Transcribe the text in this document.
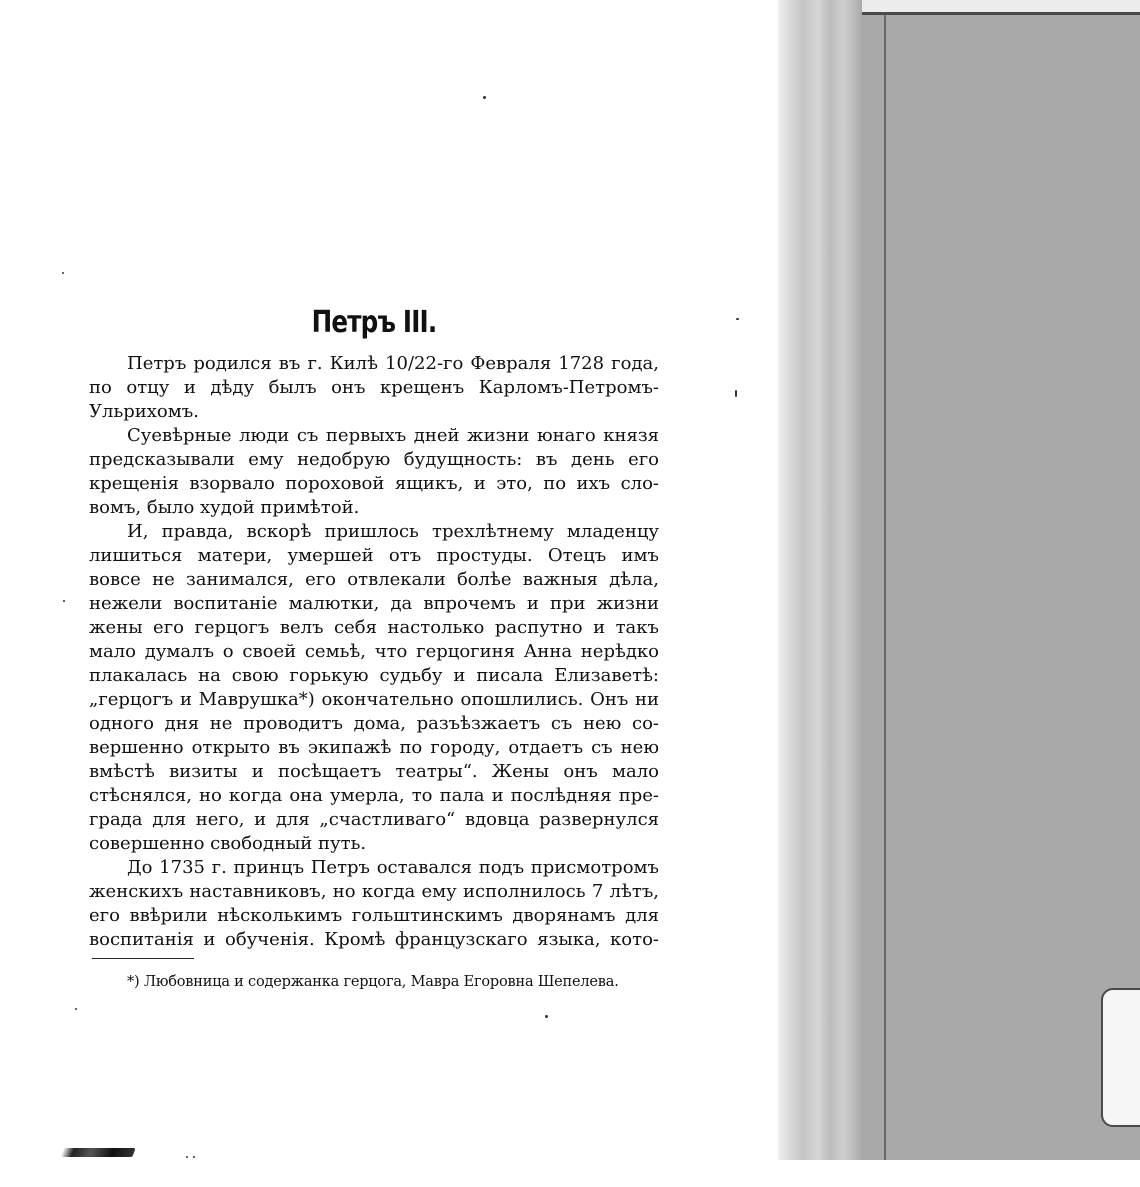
Петръ III.
Петръ родился въ г. Килѣ 10/22-го Февраля 1728 года,
по отцу и дѣду былъ онъ крещенъ Карломъ-Петромъ-
Ульрихомъ.
Суевѣрные люди съ первыхъ дней жизни юнаго князя
предсказывали ему недобрую будущность: въ день его
крещенія взорвало пороховой ящикъ, и это, по ихъ сло-
вомъ, было худой примѣтой.
И, правда, вскорѣ пришлось трехлѣтнему младенцу
лишиться матери, умершей отъ простуды. Отецъ имъ
вовсе не занимался, его отвлекали болѣе важныя дѣла,
нежели воспитаніе малютки, да впрочемъ и при жизни
жены его герцогъ велъ себя настолько распутно и такъ
мало думалъ о своей семьѣ, что герцогиня Анна нерѣдко
плакалась на свою горькую судьбу и писала Елизаветѣ:
„герцогъ и Маврушка*) окончательно опошлились. Онъ ни
одного дня не проводитъ дома, разъѣзжаетъ съ нею со-
вершенно открыто въ экипажѣ по городу, отдаетъ съ нею
вмѣстѣ визиты и посѣщаетъ театры“. Жены онъ мало
стѣснялся, но когда она умерла, то пала и послѣдняя пре-
града для него, и для „счастливаго“ вдовца развернулся
совершенно свободный путь.
До 1735 г. принцъ Петръ оставался подъ присмотромъ
женскихъ наставниковъ, но когда ему исполнилось 7 лѣтъ,
его ввѣрили нѣсколькимъ гольштинскимъ дворянамъ для
воспитанія и обученія. Кромѣ французскаго языка, кото-
*) Любовница и содержанка герцога, Мавра Егоровна Шепелева.
